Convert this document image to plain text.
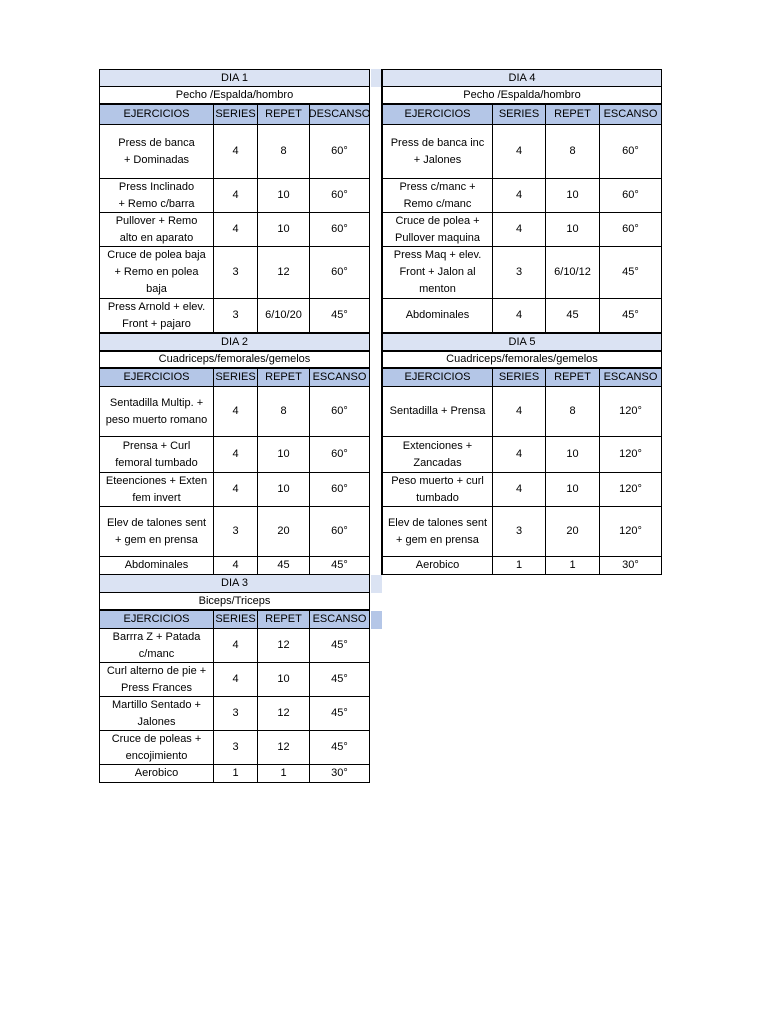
DIA 1
Pecho /Espalda/hombro
EJERCICIOS	SERIES REPET DESCANSO
Press de banca
+ Dominadas
4	8	60°
Press Inclinado
+ Remo c/barra
4	10	60°
Pullover + Remo
alto en aparato
4	10	60°
Cruce de polea baja
+ Remo en polea
baja
3	12	60°
Press Arnold + elev.
Front + pajaro
3	6/10/20	45°
DIA 4
Pecho /Espalda/hombro
EJERCICIOS	SERIES	REPET	ESCANSO
Press de banca inc
+ Jalones
4	8	60°
Press c/manc +
Remo c/manc
4	10	60°
Cruce de polea +
Pullover maquina
4	10	60°
Press Maq + elev.
Front + Jalon al
menton
3	6/10/12	45°
Abdominales	4	45	45°
DIA 2
Cuadriceps/femorales/gemelos
EJERCICIOS	SERIES REPET ESCANSO
Sentadilla Multip. +
peso muerto romano
4	8	60°
Prensa + Curl
femoral tumbado
4	10	60°
Eteenciones + Exten
fem invert
4	10	60°
Elev de talones sent
+ gem en prensa
3	20	60°
Abdominales	4	45	45°
DIA 5
Cuadriceps/femorales/gemelos
EJERCICIOS	SERIES	REPET	ESCANSO
Sentadilla + Prensa	4	8	120°
Extenciones +
Zancadas
4	10	120°
Peso muerto + curl
tumbado
4	10	120°
Elev de talones sent
+ gem en prensa
3	20	120°
Aerobico	1	1	30°
DIA 3
Biceps/Triceps
EJERCICIOS	SERIES REPET ESCANSO
Barrra Z + Patada
c/manc
4	12	45°
Curl alterno de pie +
Press Frances
4	10	45°
Martillo Sentado +
Jalones
3	12	45°
Cruce de poleas +
encojimiento
3	12	45°
Aerobico	1	1	30°
